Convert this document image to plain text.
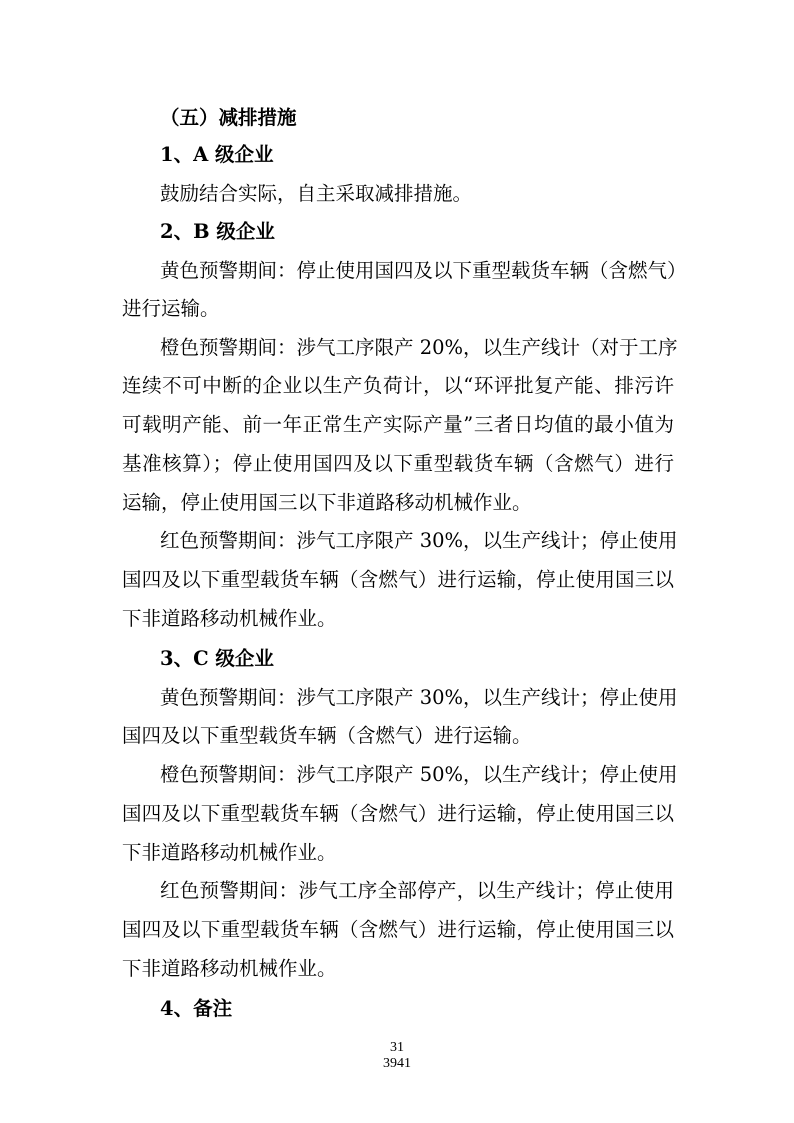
（五）减排措施
1、A 级企业
鼓励结合实际，自主采取减排措施。
2、B 级企业
黄色预警期间：停止使用国四及以下重型载货车辆（含燃气）
进行运输。
橙色预警期间：涉气工序限产 20%，以生产线计（对于工序
连续不可中断的企业以生产负荷计，以“环评批复产能、排污许
可载明产能、前一年正常生产实际产量”三者日均值的最小值为
基准核算）；停止使用国四及以下重型载货车辆（含燃气）进行
运输，停止使用国三以下非道路移动机械作业。
红色预警期间：涉气工序限产 30%，以生产线计；停止使用
国四及以下重型载货车辆（含燃气）进行运输，停止使用国三以
下非道路移动机械作业。
3、C 级企业
黄色预警期间：涉气工序限产 30%，以生产线计；停止使用
国四及以下重型载货车辆（含燃气）进行运输。
橙色预警期间：涉气工序限产 50%，以生产线计；停止使用
国四及以下重型载货车辆（含燃气）进行运输，停止使用国三以
下非道路移动机械作业。
红色预警期间：涉气工序全部停产，以生产线计；停止使用
国四及以下重型载货车辆（含燃气）进行运输，停止使用国三以
下非道路移动机械作业。
4、备注
31
3941
